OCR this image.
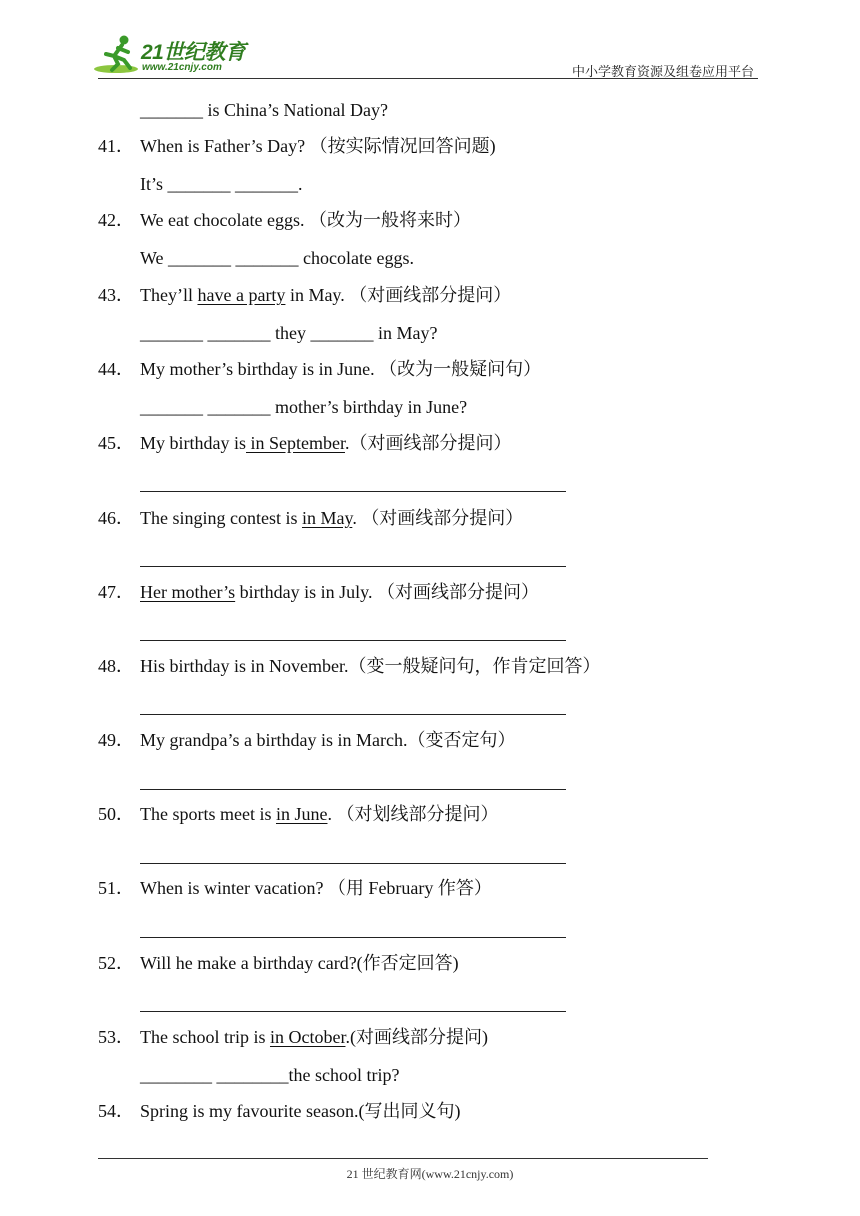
21世纪教育
www.21cnjy.com	中小学教育资源及组卷应用平台
_______ is China’s National Day?
41． When is Father’s Day? （按实际情况回答问题)
It’s _______ _______.
42． We eat chocolate eggs. （改为一般将来时）
We _______ _______ chocolate eggs.
43． They’ll have a party in May. （对画线部分提问）
_______ _______ they _______ in May?
44． My mother’s birthday is in June. （改为一般疑问句）
_______ _______ mother’s birthday in June?
45． My birthday is in September.（对画线部分提问）
46． The singing contest is in May. （对画线部分提问）
47． Her mother’s birthday is in July. （对画线部分提问）
48． His birthday is in November.（变一般疑问句，作肯定回答）
49． My grandpa’s a birthday is in March.（变否定句）
50． The sports meet is in June. （对划线部分提问）
51． When is winter vacation? （用 February 作答）
52． Will he make a birthday card?(作否定回答)
53． The school trip is in October.(对画线部分提问)
________ ________the school trip?
54． Spring is my favourite season.(写出同义句)
21 世纪教育网(www.21cnjy.com)
